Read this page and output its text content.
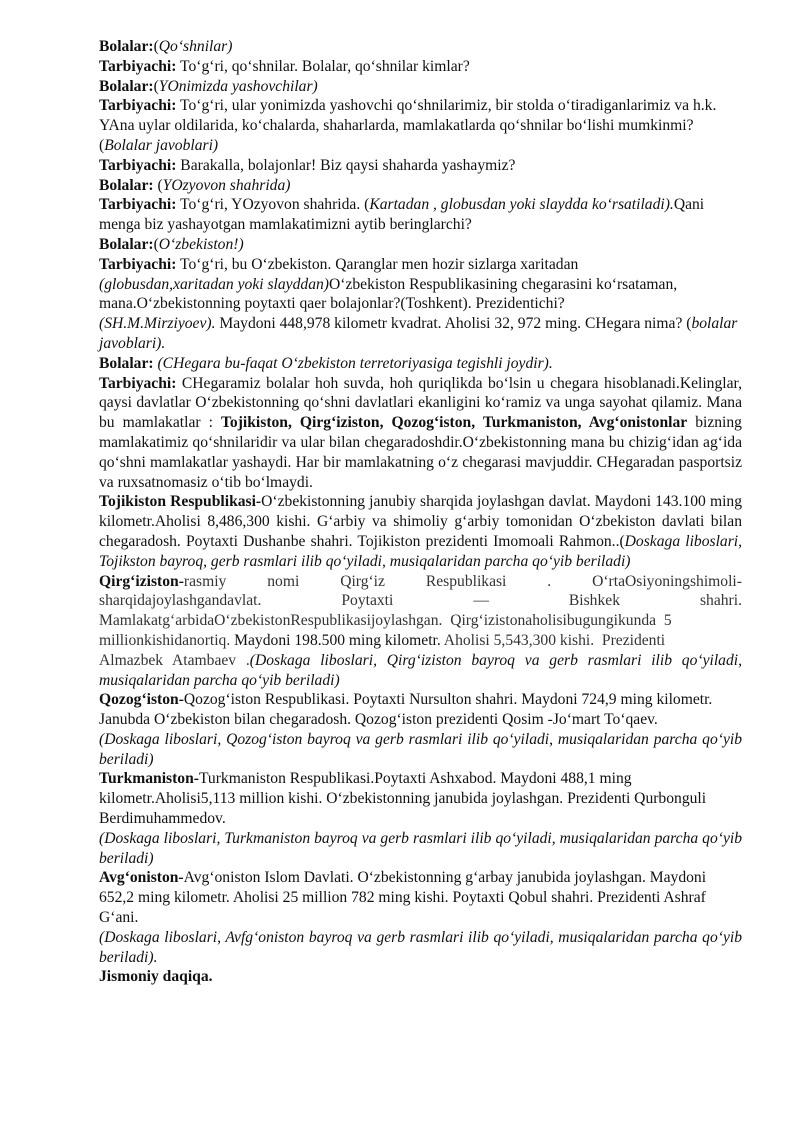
Bolalar:(Qo‘shnilar)

Tarbiyachi: To‘g‘ri, qo‘shnilar. Bolalar, qo‘shnilar kimlar?

Bolalar:(YOnimizda yashovchilar)

Tarbiyachi: To‘g‘ri, ular yonimizda yashovchi qo‘shnilarimiz, bir stolda o‘tiradiganlarimiz va h.k. YAna uylar oldilarida, ko‘chalarda, shaharlarda, mamlakatlarda qo‘shnilar bo‘lishi mumkinmi?

(Bolalar javoblari)

Tarbiyachi: Barakalla, bolajonlar! Biz qaysi shaharda yashaymiz?

Bolalar: (YOzyovon shahrida)

Tarbiyachi: To‘g‘ri, YOzyovon shahrida. (Kartadan , globusdan yoki slaydda ko‘rsatiladi).Qani menga biz yashayotgan mamlakatimizni aytib beringlarchi?

Bolalar:(O‘zbekiston!)

Tarbiyachi: To‘g‘ri, bu O‘zbekiston. Qaranglar men hozir sizlarga xaritadan
(globusdan,xaritadan yoki slayddan)O‘zbekiston Respublikasining chegarasini ko‘rsataman, mana.O‘zbekistonning poytaxti qaer bolajonlar?(Toshkent). Prezidentichi?
(SH.M.Mirziyoev). Maydoni 448,978 kilometr kvadrat. Aholisi 32, 972 ming. CHegara nima? (bolalar javoblari).

Bolalar: (CHegara bu-faqat O‘zbekiston terretoriyasiga tegishli joydir).

Tarbiyachi: CHegaramiz bolalar hoh suvda, hoh quriqlikda bo‘lsin u chegara hisoblanadi.Kelinglar, qaysi davlatlar O‘zbekistonning qo‘shni davlatlari ekanligini ko‘ramiz va unga sayohat qilamiz. Mana bu mamlakatlar : Tojikiston, Qirg‘iziston, Qozog‘iston, Turkmaniston, Avg‘onistonlar bizning mamlakatimiz qo‘shnilaridir va ular bilan chegaradoshdir.O‘zbekistonning mana bu chizig‘idan ag‘ida qo‘shni mamlakatlar yashaydi. Har bir mamlakatning o‘z chegarasi mavjuddir. CHegaradan pasportsiz va ruxsatnomasiz o‘tib bo‘lmaydi.

Tojikiston Respublikasi-O‘zbekistonning janubiy sharqida joylashgan davlat. Maydoni 143.100 ming kilometr.Aholisi 8,486,300 kishi. G‘arbiy va shimoliy g‘arbiy tomonidan O‘zbekiston davlati bilan chegaradosh. Poytaxti Dushanbe shahri. Tojikiston prezidenti Imomoali Rahmon..(Doskaga liboslari, Tojikston bayroq, gerb rasmlari ilib qo‘yiladi, musiqalaridan parcha qo‘yib beriladi)

Qirg‘iziston-rasmiy	nomi	Qirg‘iz	Respublikasi	.	O‘rtaOsiyoningshimoli-
sharqidajoylashgandavlat.	Poytaxti	—	Bishkek	shahri.
Mamlakatg‘arbidaO‘zbekistonRespublikasijoylashgan.  Qirg‘izistonaholisibugungikunda  5
millionkishidanortiq. Maydoni 198.500 ming kilometr. Aholisi 5,543,300 kishi.  Prezidenti

Almazbek Atambaev .(Doskaga liboslari, Qirg‘iziston bayroq va gerb rasmlari ilib qo‘yiladi, musiqalaridan parcha qo‘yib beriladi)

Qozog‘iston-Qozog‘iston Respublikasi. Poytaxti Nursulton shahri. Maydoni 724,9 ming kilometr. Janubda O‘zbekiston bilan chegaradosh. Qozog‘iston prezidenti Qosim -Jo‘mart To‘qaev.

(Doskaga liboslari, Qozog‘iston bayroq va gerb rasmlari ilib qo‘yiladi, musiqalaridan parcha qo‘yib beriladi)

Turkmaniston-Turkmaniston Respublikasi.Poytaxti Ashxabod. Maydoni 488,1 ming kilometr.Aholisi5,113 million kishi. O‘zbekistonning janubida joylashgan. Prezidenti Qurbonguli Berdimuhammedov.

(Doskaga liboslari, Turkmaniston bayroq va gerb rasmlari ilib qo‘yiladi, musiqalaridan parcha qo‘yib beriladi)

Avg‘oniston-Avg‘oniston Islom Davlati. O‘zbekistonning g‘arbay janubida joylashgan. Maydoni 652,2 ming kilometr. Aholisi 25 million 782 ming kishi. Poytaxti Qobul shahri. Prezidenti Ashraf G‘ani.

(Doskaga liboslari, Avfg‘oniston bayroq va gerb rasmlari ilib qo‘yiladi, musiqalaridan parcha qo‘yib beriladi).

Jismoniy daqiqa.
